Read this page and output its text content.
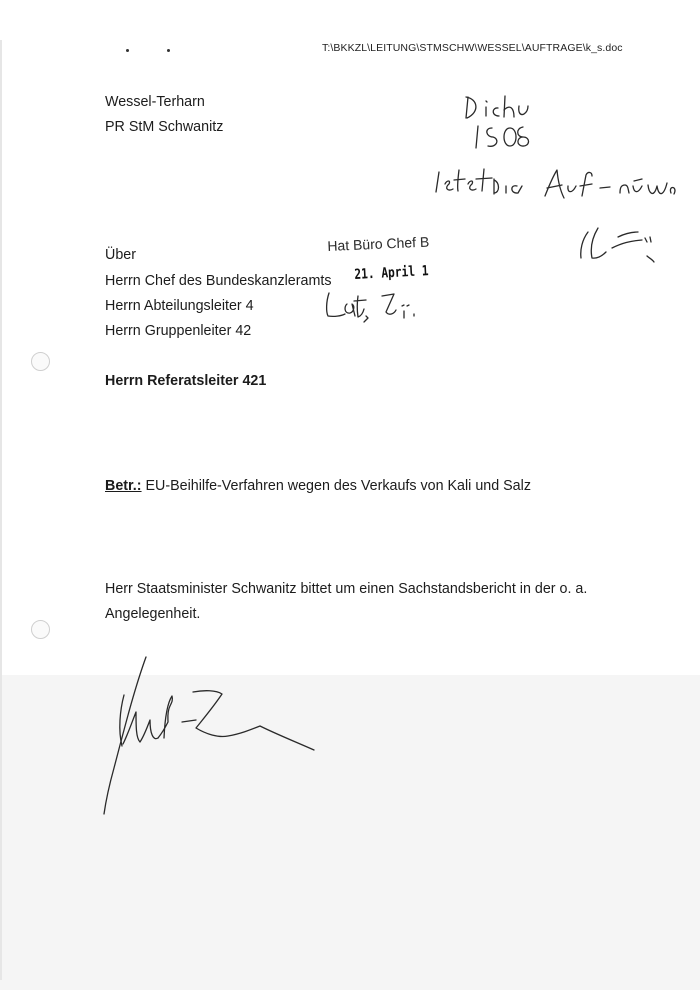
T:\BKKZL\LEITUNG\STMSCHW\WESSEL\AUFTRAGE\k_s.doc
Wessel-Terharn
PR StM Schwanitz
Über
Herrn Chef des Bundeskanzleramts
Herrn Abteilungsleiter 4
Herrn Gruppenleiter 42
Herrn Referatsleiter 421
Hat Büro Chef B
21. April 1
Betr.: EU-Beihilfe-Verfahren wegen des Verkaufs von Kali und Salz
Herr Staatsminister Schwanitz bittet um einen Sachstandsbericht in der o. a.
Angelegenheit.
